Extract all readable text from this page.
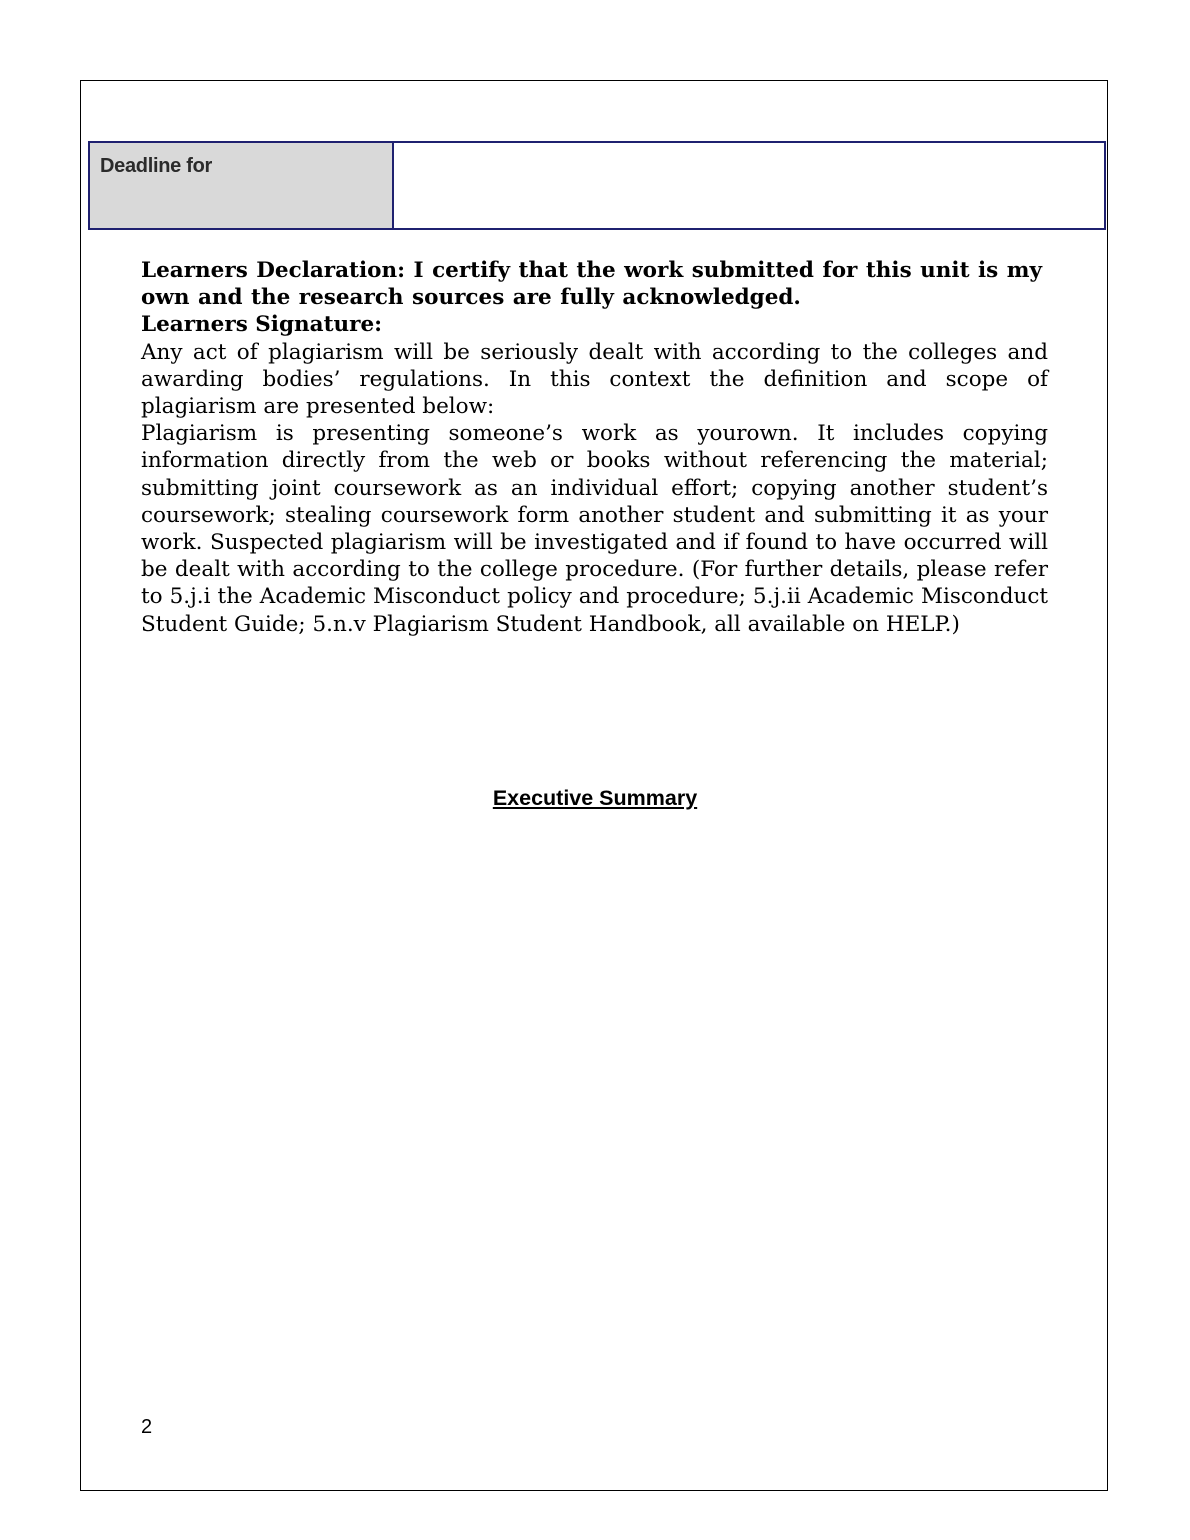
Deadline for

Learners Declaration: I certify that the work submitted for this unit is my own and the research sources are fully acknowledged.

Learners Signature:

Any act of plagiarism will be seriously dealt with according to the colleges and awarding bodies’ regulations. In this context the definition and scope of plagiarism are presented below:

Plagiarism is presenting someone’s work as yourown. It includes copying information directly from the web or books without referencing the material; submitting joint coursework as an individual effort; copying another student’s coursework; stealing coursework form another student and submitting it as your work. Suspected plagiarism will be investigated and if found to have occurred will be dealt with according to the college procedure. (For further details, please refer to 5.j.i the Academic Misconduct policy and procedure; 5.j.ii Academic Misconduct Student Guide; 5.n.v Plagiarism Student Handbook, all available on HELP.)

Executive Summary
2
